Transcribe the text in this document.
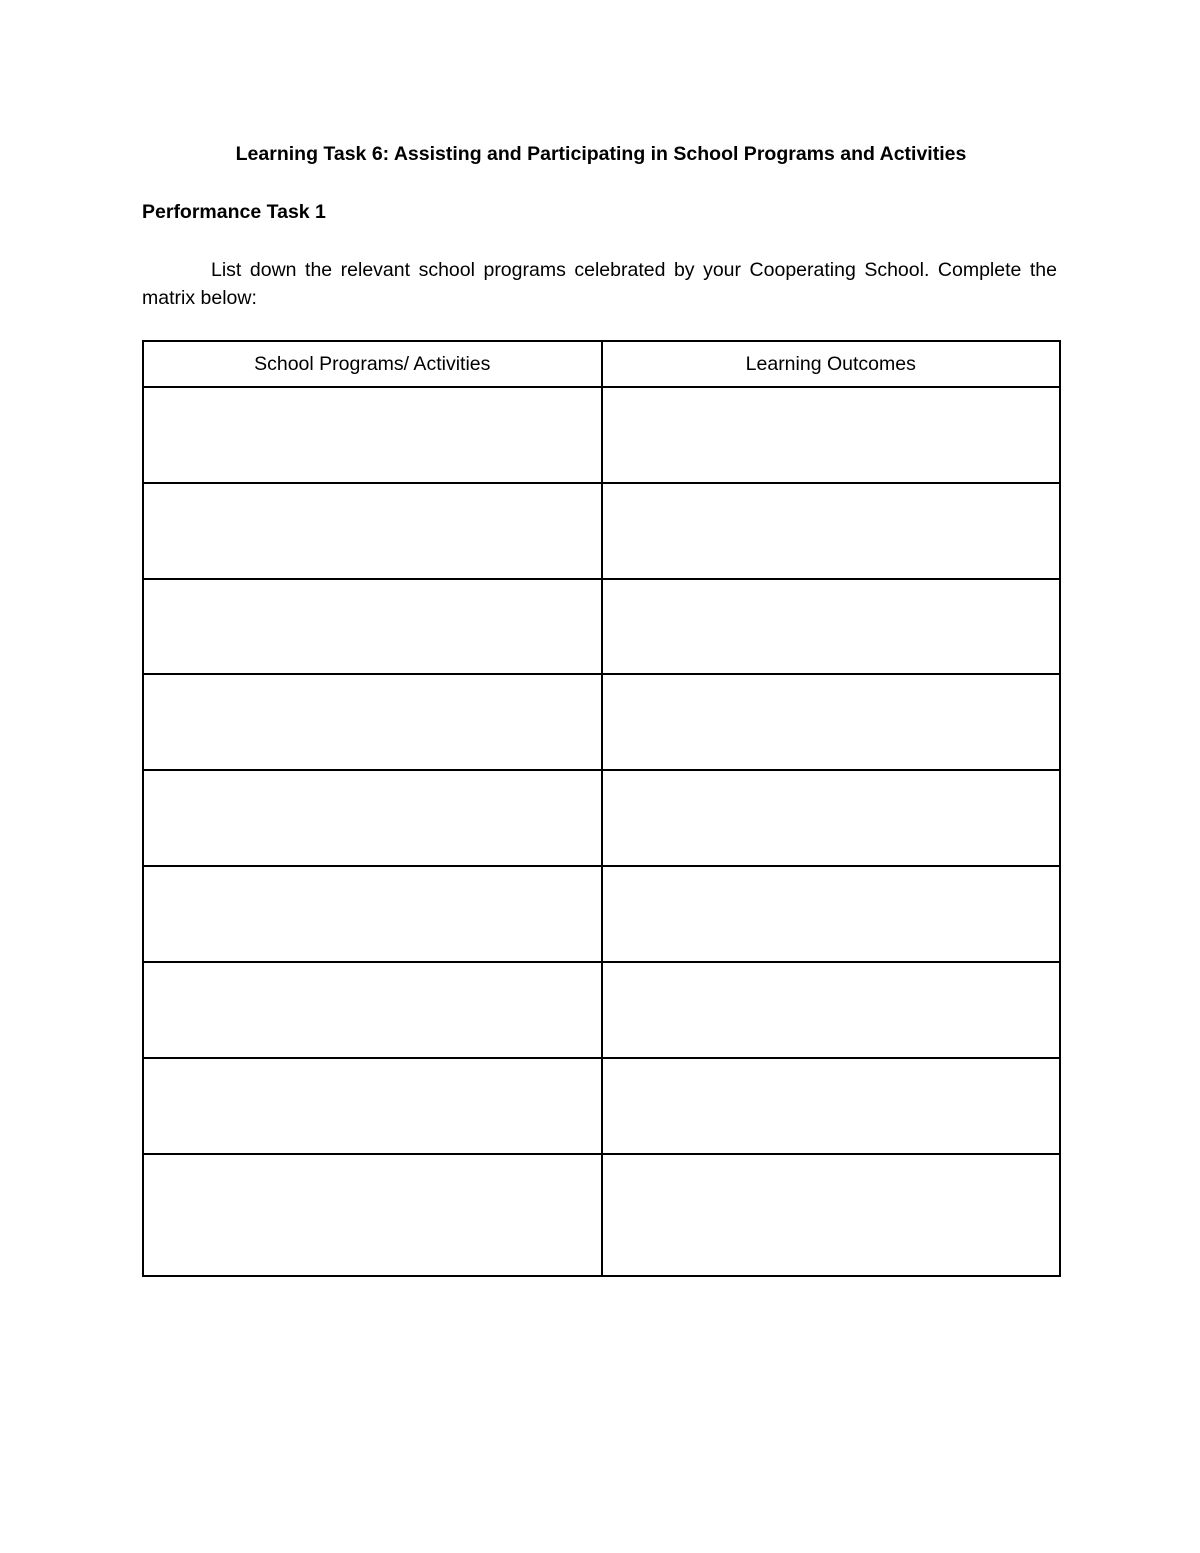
Learning Task 6: Assisting and Participating in School Programs and Activities
Performance Task 1
List down the relevant school programs celebrated by your Cooperating School. Complete the matrix below:
School Programs/ Activities	Learning Outcomes
